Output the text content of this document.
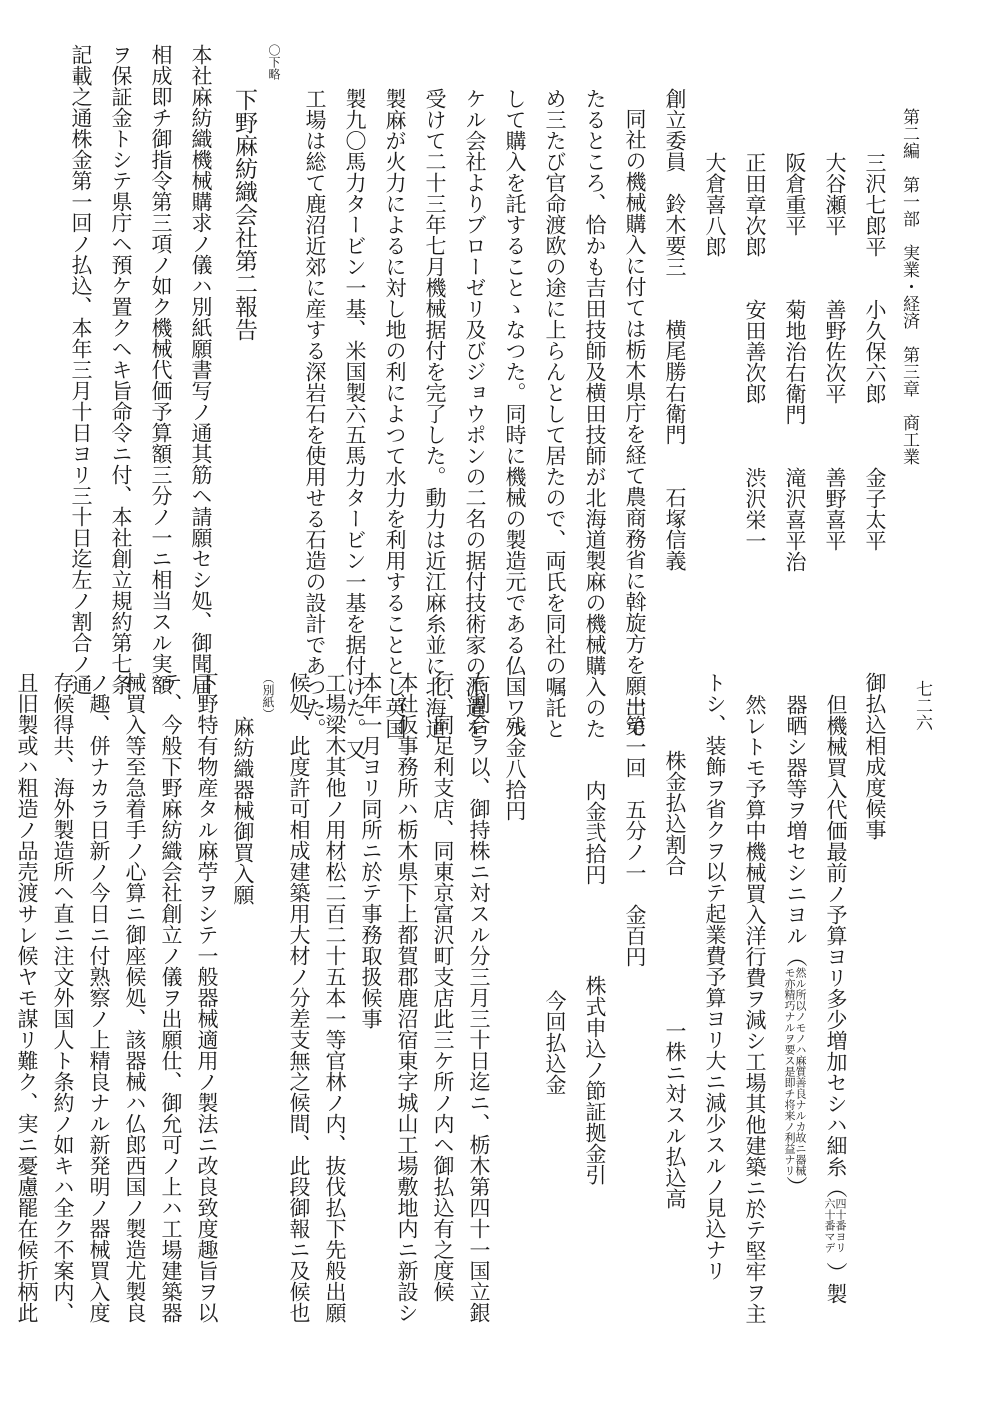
第二編　第一部　実業・経済　第三章　商工業
七二六
三沢七郎平　　小久保六郎　　　金子太平
大谷瀬平　　　善野佐次平　　　善野喜平
阪倉重平　　　菊地治右衛門　　滝沢喜平治
正田章次郎　　安田善次郎　　　渋沢栄一
大倉喜八郎
創立委員　鈴木要三　　横尾勝右衛門　　石塚信義
同社の機械購入に付ては栃木県庁を経て農商務省に斡旋方を願出で
たるところ、恰かも吉田技師及横田技師が北海道製麻の機械購入のた
め三たび官命渡欧の途に上らんとして居たので、両氏を同社の嘱託と
して購入を託することゝなつた。同時に機械の製造元である仏国ワル
ケル会社よりブローゼリ及びジョウポンの二名の据付技術家の派遣を
受けて二十三年七月機械据付を完了した。動力は近江麻糸並に北海道
製麻が火力によるに対し地の利によつて水力を利用することとし英国
製九〇馬力タービン一基、米国製六五馬力タービン一基を据付けた。又
工場は総て鹿沼近郊に産する深岩石を使用せる石造の設計であつた。
〇下略
下野麻紡織会社第二報告
本社麻紡織機械購求ノ儀ハ別紙願書写ノ通其筋ヘ請願セシ処、御聞届
相成即チ御指令第三項ノ如ク機械代価予算額三分ノ一ニ相当スル実額
ヲ保証金トシテ県庁ヘ預ケ置クヘキ旨命令ニ付、本社創立規約第七条
記載之通株金第一回ノ払込、本年三月十日ヨリ三十日迄左ノ割合ノ通
御払込相成度候事
但機械買入代価最前ノ予算ヨリ多少増加セシハ細糸（
四十番ヨリ
六十番マデ
）製
器晒シ器等ヲ増セシニヨル（
然ル所以ノモノハ麻質善良ナルカ故ニ器械
モ亦精巧ナルヲ要ス是即チ将来ノ利益ナリ
）
然レトモ予算中機械買入洋行費ヲ減シ工場其他建築ニ於テ堅牢ヲ主
トシ、装飾ヲ省クヲ以テ起業費予算ヨリ大ニ減少スルノ見込ナリ
株金払込割合
一株ニ対スル払込高
一第一回　五分ノ一　金百円
内金弐拾円
株式申込ノ節証拠金引
今回払込金
残金八拾円
右割合ヲ以、御持株ニ対スル分三月三十日迄ニ、栃木第四十一国立銀
行、同足利支店、同東京富沢町支店此三ケ所ノ内ヘ御払込有之度候
本社仮事務所ハ栃木県下上都賀郡鹿沼宿東字城山工場敷地内ニ新設シ
本年一月ヨリ同所ニ於テ事務取扱候事
工場梁木其他ノ用材松二百二十五本一等官林ノ内、抜伐払下先般出願
候処、此度許可相成建築用大材ノ分差支無之候間、此段御報ニ及候也
（別紙）
麻紡織器械御買入願
下野特有物産タル麻苧ヲシテ一般器械適用ノ製法ニ改良致度趣旨ヲ以
テ、今般下野麻紡織会社創立ノ儀ヲ出願仕、御允可ノ上ハ工場建築器
械買入等至急着手ノ心算ニ御座候処、該器械ハ仏郎西国ノ製造尤製良
ノ趣、併ナカラ日新ノ今日ニ付熟察ノ上精良ナル新発明ノ器械買入度
存候得共、海外製造所ヘ直ニ注文外国人ト条約ノ如キハ全ク不案内、
且旧製或ハ粗造ノ品売渡サレ候ヤモ謀リ難ク、実ニ憂慮罷在候折柄此
